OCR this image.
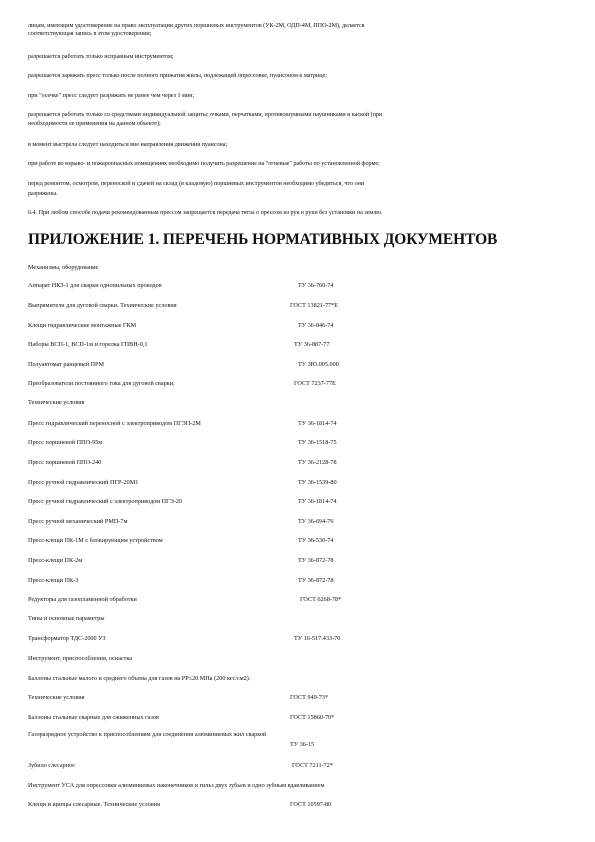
лицам, имеющим удостоверение на право эксплуатации других поршневых инструментов (УК-2М, ОДП-4М, ППО-2М), делается
соответствующая запись в этом удостоверении;
разрешается работать только исправным инструментом;
разрешается заряжать пресс только после полного прижатия жилы, подлежащей опрессовке, пуансоном к матрице;
при "осечке" пресс следует разряжать не ранее чем через 1 мин;
разрешается работать только со средствами индивидуальной защиты: очками, перчатками, противошумными наушниками и каской (при
необходимости ее применения на данном объекте);
в момент выстрела следует находиться вне направления движения пуансона;
при работе во взрыво- и пожароопасных помещениях необходимо получить разрешение на "огневые" работы по установленной форме;
перед ремонтом, осмотром, переноской и сдачей на склад (в кладовую) поршневых инструментов необходимо убедиться, что они
разряжены.
6.4. При любом способе подачи рекомендованным прессом запрещается передача тягла о прессом из рук в руки без установки на землю.
ПРИЛОЖЕНИЕ 1. ПЕРЕЧЕНЬ НОРМАТИВНЫХ ДОКУМЕНТОВ
Механизмы, оборудование
Аппарат НКЗ-1 для сварки однопильных проводов	ТУ 36-760-74
Выпрямители для дуговой сварки. Технические условия	ГОСТ 13821-77*Е
Клещи гидравлические монтажные ГКМ	ТУ 36-846-74
Наборы ВСП-1, ВСП-1м и горелка ГПВН-0,1	ТУ 36-887-77
Полуавтомат ранцевый ПРМ	ТУ ЗЮ.005.000
Преобразователи постоянного тока для дуговой сварки.	ГОСТ 7237-77Е
Технические условия
Пресс гидравлический переносной с электроприводом ПГЭП-2М	ТУ 36-1814-74
Пресс поршневой ППО-95м	ТУ 36-1518-75
Пресс поршневой ППО-240	ТУ 36-2128-78
Пресс ручной гидравлический ПГР-20М1	ТУ 36-1539-80
Пресс ручной гидравлический с электроприводом ПГЭ-20	ТУ 36-1814-74
Пресс ручной механический РМП-7м	ТУ 36-694-76
Пресс-клещи ПК-1М с блокирующим устройством	ТУ 36-530-74
Пресс-клещи ПК-2м	ТУ 36-872-78
Пресс-клещи ПК-3	ТУ 36-872-78
Редукторы для газопламенной обработки	ГОСТ 6268-78*
Типы и основные параметры
Трансформатор ТДС-2000 УЗ	ТУ 16-517.433-70
Инструмент, приспособления, оснастка
Баллоны стальные малого и среднего объема для газов на PP≤20 МПа (200 кгс/см2).
Технические условия	ГОСТ 949-73*
Баллоны стальные сварные для сжиженных газов	ГОСТ 15860-70*
Газоразрядное устройство к приспособлениям для соединения алюминиевых жил сваркой
ТУ 36-15
Зубило слесарное	ГОСТ 7211-72*
Инструмент УСА для опрессовки алюминиевых наконечников и гильз двух зубьев и одно зубным вдавливанием
Клещи и щипцы слесарные. Технические условия	ГОСТ 10597-80
